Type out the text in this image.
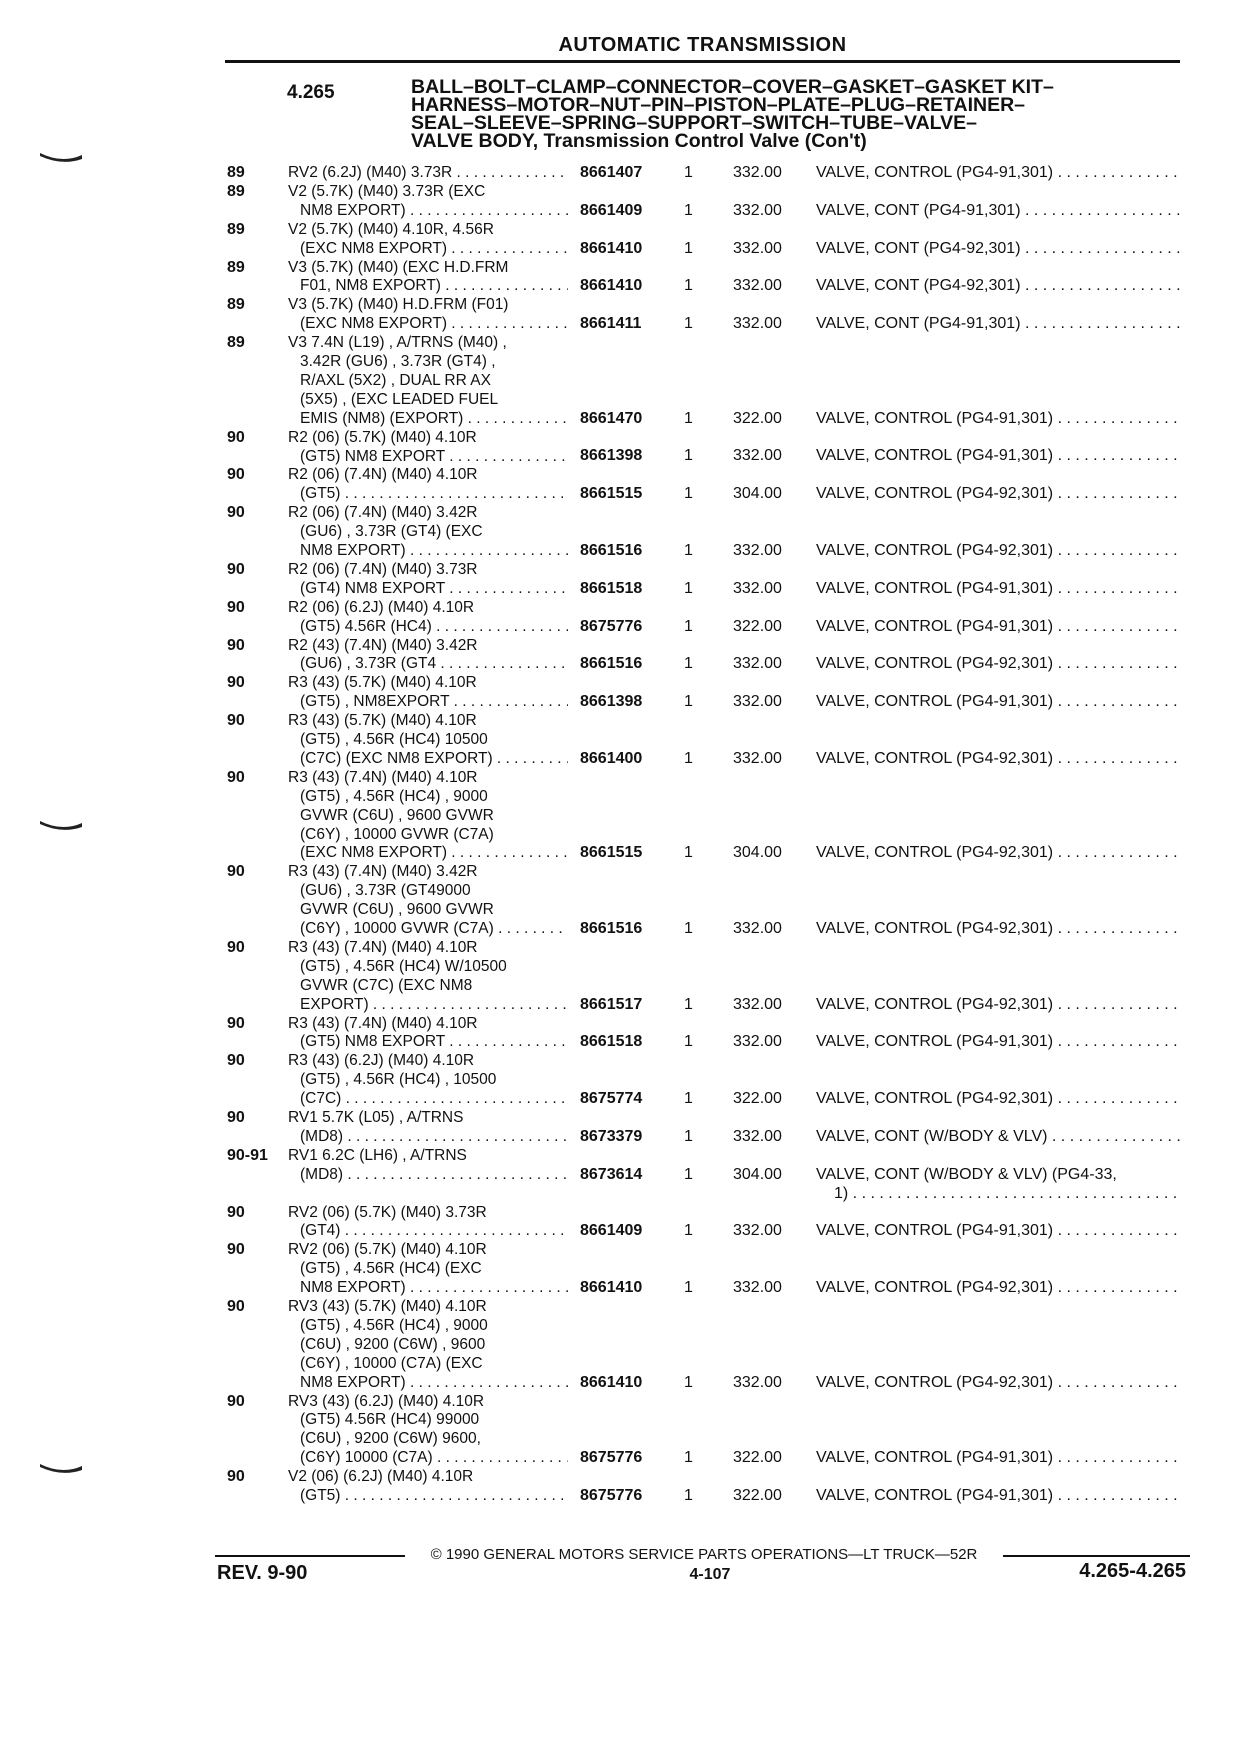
AUTOMATIC TRANSMISSION
4.265	BALL–BOLT–CLAMP–CONNECTOR–COVER–GASKET–GASKET KIT–
HARNESS–MOTOR–NUT–PIN–PISTON–PLATE–PLUG–RETAINER–
SEAL–SLEEVE–SPRING–SUPPORT–SWITCH–TUBE–VALVE–
VALVE BODY, Transmission Control Valve (Con't)
89	RV2 (6.2J) (M40) 3.73R . . .	8661407	1	332.00 VALVE, CONTROL (PG4-91,301) . . .
89	V2 (5.7K) (M40) 3.73R (EXC
NM8 EXPORT) . . .	8661409	1	332.00 VALVE, CONT (PG4-91,301) . . .
89	V2 (5.7K) (M40) 4.10R, 4.56R
(EXC NM8 EXPORT) . . .	8661410	1	332.00 VALVE, CONT (PG4-92,301) . . .
89	V3 (5.7K) (M40) (EXC H.D.FRM
F01, NM8 EXPORT) . . .	8661410	1	332.00 VALVE, CONT (PG4-92,301) . . .
89	V3 (5.7K) (M40) H.D.FRM (F01)
(EXC NM8 EXPORT) . . .	8661411	1	332.00 VALVE, CONT (PG4-91,301) . . .
89	V3 7.4N (L19) , A/TRNS (M40) ,
3.42R (GU6) , 3.73R (GT4) ,
R/AXL (5X2) , DUAL RR AX
(5X5) , (EXC LEADED FUEL
EMIS (NM8) (EXPORT) . . .	8661470	1	322.00 VALVE, CONTROL (PG4-91,301) . . .
90	R2 (06) (5.7K) (M40) 4.10R
(GT5) NM8 EXPORT . . .	8661398	1	332.00 VALVE, CONTROL (PG4-91,301) . . .
90	R2 (06) (7.4N) (M40) 4.10R
(GT5) . . .	8661515	1	304.00 VALVE, CONTROL (PG4-92,301) . . .
90	R2 (06) (7.4N) (M40) 3.42R
(GU6) , 3.73R (GT4) (EXC
NM8 EXPORT) . . .	8661516	1	332.00 VALVE, CONTROL (PG4-92,301) . . .
90	R2 (06) (7.4N) (M40) 3.73R
(GT4) NM8 EXPORT . . .	8661518	1	332.00 VALVE, CONTROL (PG4-91,301) . . .
90	R2 (06) (6.2J) (M40) 4.10R
(GT5) 4.56R (HC4) . . .	8675776	1	322.00 VALVE, CONTROL (PG4-91,301) . . .
90	R2 (43) (7.4N) (M40) 3.42R
(GU6) , 3.73R (GT4 . . .	8661516	1	332.00 VALVE, CONTROL (PG4-92,301) . . .
90	R3 (43) (5.7K) (M40) 4.10R
(GT5) , NM8EXPORT . . .	8661398	1	332.00 VALVE, CONTROL (PG4-91,301) . . .
90	R3 (43) (5.7K) (M40) 4.10R
(GT5) , 4.56R (HC4) 10500
(C7C) (EXC NM8 EXPORT) . . .	8661400	1	332.00 VALVE, CONTROL (PG4-92,301) . . .
90	R3 (43) (7.4N) (M40) 4.10R
(GT5) , 4.56R (HC4) , 9000
GVWR (C6U) , 9600 GVWR
(C6Y) , 10000 GVWR (C7A)
(EXC NM8 EXPORT) . . .	8661515	1	304.00 VALVE, CONTROL (PG4-92,301) . . .
90	R3 (43) (7.4N) (M40) 3.42R
(GU6) , 3.73R (GT49000
GVWR (C6U) , 9600 GVWR
(C6Y) , 10000 GVWR (C7A) . . .	8661516	1	332.00 VALVE, CONTROL (PG4-92,301) . . .
90	R3 (43) (7.4N) (M40) 4.10R
(GT5) , 4.56R (HC4) W/10500
GVWR (C7C) (EXC NM8
EXPORT) . . .	8661517	1	332.00 VALVE, CONTROL (PG4-92,301) . . .
90	R3 (43) (7.4N) (M40) 4.10R
(GT5) NM8 EXPORT . . .	8661518	1	332.00 VALVE, CONTROL (PG4-91,301) . . .
90	R3 (43) (6.2J) (M40) 4.10R
(GT5) , 4.56R (HC4) , 10500
(C7C) . . .	8675774	1	322.00 VALVE, CONTROL (PG4-92,301) . . .
90	RV1 5.7K (L05) , A/TRNS
(MD8) . . .	8673379	1	332.00 VALVE, CONT (W/BODY & VLV) . . .
90-91 RV1 6.2C (LH6) , A/TRNS
(MD8) . . .	8673614	1	304.00 VALVE, CONT (W/BODY & VLV) (PG4-33,
1) . . .
90	RV2 (06) (5.7K) (M40) 3.73R
(GT4) . . .	8661409	1	332.00 VALVE, CONTROL (PG4-91,301) . . .
90	RV2 (06) (5.7K) (M40) 4.10R
(GT5) , 4.56R (HC4) (EXC
NM8 EXPORT) . . .	8661410	1	332.00 VALVE, CONTROL (PG4-92,301) . . .
90	RV3 (43) (5.7K) (M40) 4.10R
(GT5) , 4.56R (HC4) , 9000
(C6U) , 9200 (C6W) , 9600
(C6Y) , 10000 (C7A) (EXC
NM8 EXPORT) . . .	8661410	1	332.00 VALVE, CONTROL (PG4-92,301) . . .
90	RV3 (43) (6.2J) (M40) 4.10R
(GT5) 4.56R (HC4) 99000
(C6U) , 9200 (C6W) 9600,
(C6Y) 10000 (C7A) . . .	8675776	1	322.00 VALVE, CONTROL (PG4-91,301) . . .
90	V2 (06) (6.2J) (M40) 4.10R
(GT5) . . .	8675776	1	322.00 VALVE, CONTROL (PG4-91,301) . . .
© 1990 GENERAL MOTORS SERVICE PARTS OPERATIONS—LT TRUCK—52R
REV. 9-90	4-107	4.265-4.265
